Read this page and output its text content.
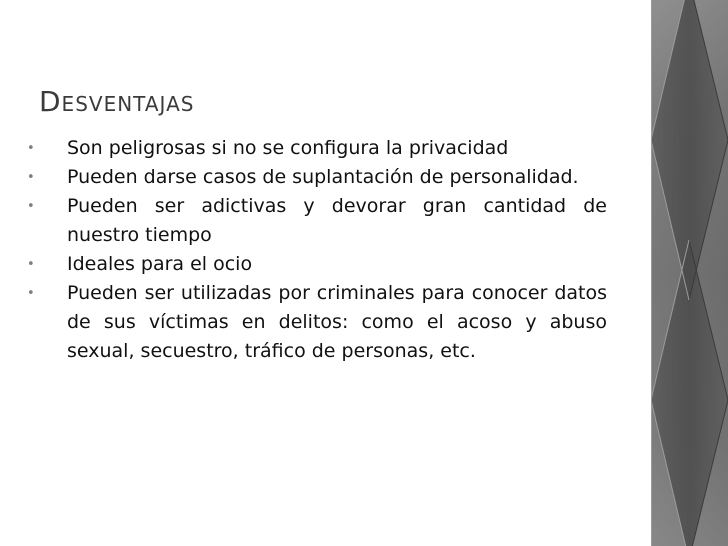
Desventajas
• Son peligrosas si no se configura la privacidad
• Pueden darse casos de suplantación de personalidad.
• Pueden ser adictivas y devorar gran cantidad de nuestro tiempo
• Ideales para el ocio
• Pueden ser utilizadas por criminales para conocer datos de sus víctimas en delitos: como el acoso y abuso sexual, secuestro, tráfico de personas, etc.
